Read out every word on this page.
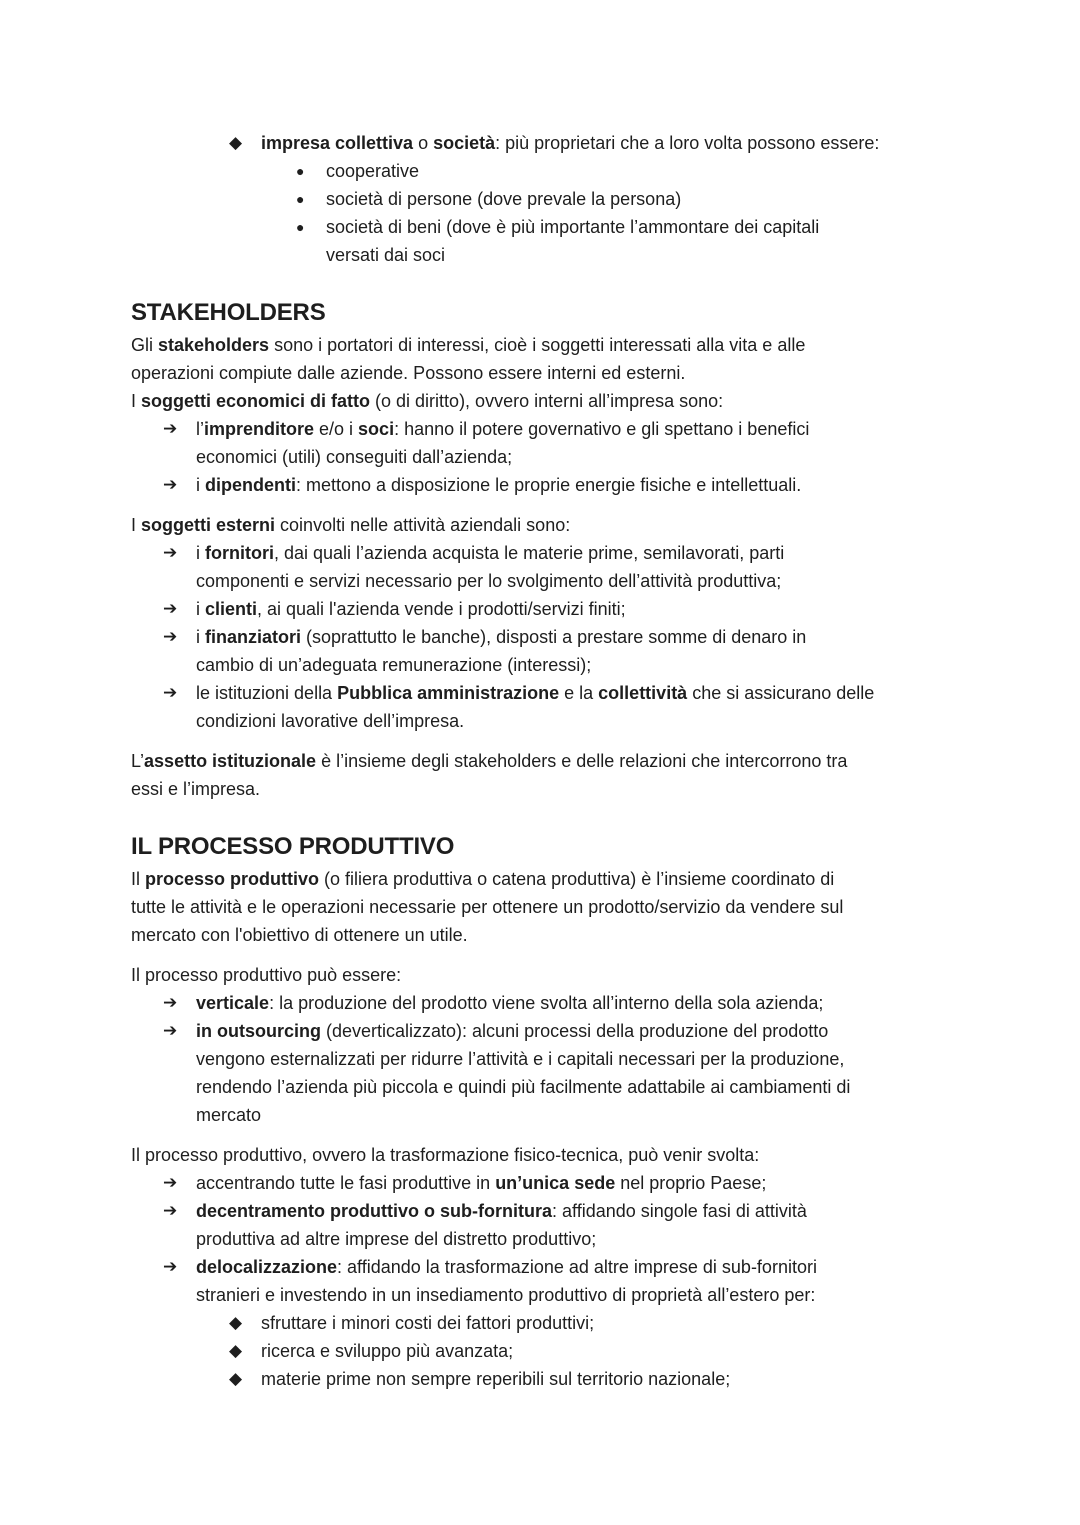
◆ impresa collettiva o società: più proprietari che a loro volta possono essere:
● cooperative
● società di persone (dove prevale la persona)
● società di beni (dove è più importante l’ammontare dei capitali
versati dai soci
STAKEHOLDERS
Gli stakeholders sono i portatori di interessi, cioè i soggetti interessati alla vita e alle
operazioni compiute dalle aziende. Possono essere interni ed esterni.
I soggetti economici di fatto (o di diritto), ovvero interni all’impresa sono:
➔ l’imprenditore e/o i soci: hanno il potere governativo e gli spettano i benefici
economici (utili) conseguiti dall’azienda;
➔ i dipendenti: mettono a disposizione le proprie energie fisiche e intellettuali.
I soggetti esterni coinvolti nelle attività aziendali sono:
➔ i fornitori, dai quali l’azienda acquista le materie prime, semilavorati, parti
componenti e servizi necessario per lo svolgimento dell’attività produttiva;
➔ i clienti, ai quali l'azienda vende i prodotti/servizi finiti;
➔ i finanziatori (soprattutto le banche), disposti a prestare somme di denaro in
cambio di un’adeguata remunerazione (interessi);
➔ le istituzioni della Pubblica amministrazione e la collettività che si assicurano delle
condizioni lavorative dell’impresa.
L’assetto istituzionale è l’insieme degli stakeholders e delle relazioni che intercorrono tra
essi e l’impresa.
IL PROCESSO PRODUTTIVO
Il processo produttivo (o filiera produttiva o catena produttiva) è l’insieme coordinato di
tutte le attività e le operazioni necessarie per ottenere un prodotto/servizio da vendere sul
mercato con l'obiettivo di ottenere un utile.
Il processo produttivo può essere:
➔ verticale: la produzione del prodotto viene svolta all’interno della sola azienda;
➔ in outsourcing (deverticalizzato): alcuni processi della produzione del prodotto
vengono esternalizzati per ridurre l’attività e i capitali necessari per la produzione,
rendendo l’azienda più piccola e quindi più facilmente adattabile ai cambiamenti di
mercato
Il processo produttivo, ovvero la trasformazione fisico-tecnica, può venir svolta:
➔ accentrando tutte le fasi produttive in un’unica sede nel proprio Paese;
➔ decentramento produttivo o sub-fornitura: affidando singole fasi di attività
produttiva ad altre imprese del distretto produttivo;
➔ delocalizzazione: affidando la trasformazione ad altre imprese di sub-fornitori
stranieri e investendo in un insediamento produttivo di proprietà all’estero per:
◆ sfruttare i minori costi dei fattori produttivi;
◆ ricerca e sviluppo più avanzata;
◆ materie prime non sempre reperibili sul territorio nazionale;
